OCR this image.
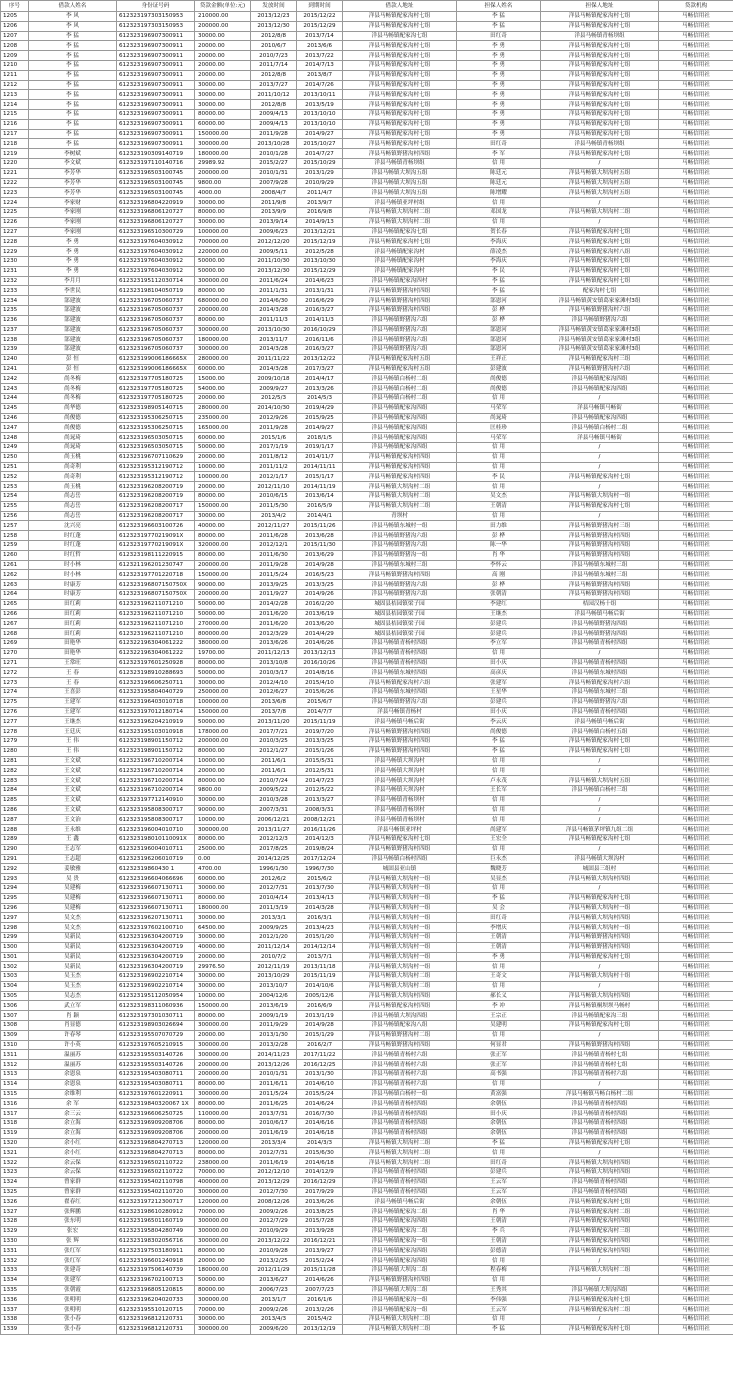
序号	借款人姓名	身份证号码	贷款金额(单位:元)	发放时间	到期时间	借款人地址	担保人姓名	担保人地址	贷款机构
1205	李 风	612323197303150953	210000.00	2013/12/23	2015/12/22	洋县马畅镇配家沟村七组	李 猛	洋县马畅镇配家沟村七组	马畅信用社
1206	李 风	612323197303150953	200000.00	2013/12/30	2015/12/29	洋县马畅镇配家沟村七组	李 猛	洋县马畅镇配家沟村七组	马畅信用社
1207	李 猛	612323196907300911	30000.00	2012/8/8	2013/7/14	洋县马畅镇配家沟七组	田红奇	洋县马畅镇青杨坝组	马畅信用社
1208	李 猛	612323196907300911	20000.00	2010/6/7	2013/6/6	洋县马畅镇配家沟村七组	李 勇	洋县马畅镇配家沟村七组	马畅信用社
1209	李 猛	612323196907300911	20000.00	2010/7/23	2013/7/22	洋县马畅镇配家沟村七组	李 勇	洋县马畅镇配家沟村七组	马畅信用社
1210	李 猛	612323196907300911	20000.00	2011/7/14	2014/7/13	洋县马畅镇配家沟村七组	李 勇	洋县马畅镇配家沟村七组	马畅信用社
1211	李 猛	612323196907300911	20000.00	2012/8/8	2013/8/7	洋县马畅镇配家沟村七组	李 勇	洋县马畅镇配家沟村七组	马畅信用社
1212	李 猛	612323196907300911	30000.00	2013/7/27	2014/7/26	洋县马畅镇配家沟村七组	李 勇	洋县马畅镇配家沟村七组	马畅信用社
1213	李 猛	612323196907300911	30000.00	2011/10/12	2013/10/11	洋县马畅镇配家沟村七组	李 勇	洋县马畅镇配家沟村七组	马畅信用社
1214	李 猛	612323196907300911	30000.00	2012/8/8	2013/5/19	洋县马畅镇配家沟村七组	李 勇	洋县马畅镇配家沟村七组	马畅信用社
1215	李 猛	612323196907300911	80000.00	2009/4/13	2013/10/10	洋县马畅镇配家沟村七组	李 勇	洋县马畅镇配家沟村七组	马畅信用社
1216	李 猛	612323196907300911	60000.00	2009/4/13	2013/10/10	洋县马畅镇配家沟村七组	李 勇	洋县马畅镇配家沟村七组	马畅信用社
1217	李 猛	612323196907300911	150000.00	2011/9/28	2014/9/27	洋县马畅镇配家沟村七组	李 勇	洋县马畅镇配家沟村七组	马畅信用社
1218	李 猛	612323196907300911	300000.00	2013/10/28	2015/10/27	洋县马畅镇配家沟村七组	田红奇	洋县马畅镇青杨坝组	马畅信用社
1219	李树斌	612323190309140719	180000.00	2010/1/28	2014/7/27	洋县马畅镇野猪沟村四组	李 军	洋县马畅镇配家沟村七组	马畅信用社
1220	李文斌	612323197110140716	29989.92	2015/2/27	2015/10/29	洋县马畅镇青杨坝组	信 用	/	马畅信用社
1221	李芳华	612323196503100745	200000.00	2010/1/31	2013/1/29	洋县马畅镇大坝沟五组	陈廷元	洋县马畅镇大坝沟村五组	马畅信用社
1222	李芳华	612323196503100745	9800.00	2007/9/28	2010/9/29	洋县马畅镇大坝沟五组	陈廷元	洋县马畅镇大坝沟村五组	马畅信用社
1223	李芳华	612323196503100745	4000.00	2008/4/7	2011/4/7	洋县马畅镇大坝沟五组	陈增耀	洋县马畅镇大坝沟村五组	马畅信用社
1224	李家财	612323196804220919	30000.00	2011/9/8	2013/9/7	洋县马畅镇亚坪村组	信 用	/	马畅信用社
1225	李家刚	612323196806120727	80000.00	2013/9/9	2016/9/8	洋县马畅镇大坝沟村二组	邓国龙	洋县马畅镇大坝沟村二组	马畅信用社
1226	李家刚	612323196806120727	30000.00	2013/9/14	2014/9/13	洋县马畅镇大坝沟村二组	信 用	/	马畅信用社
1227	李家刚	612323196510300729	100000.00	2009/6/23	2013/12/21	洋县马畅镇配家沟七组	贺长春	洋县马畅镇配家沟村七组	马畅信用社
1228	李 勇	612323197604030912	700000.00	2012/12/20	2015/12/19	洋县马畅镇配家沟村七组	李海庆	洋县马畅镇配家沟村七组	马畅信用社
1229	李 勇	612323197604030912	220000.00	2009/5/11	2012/5/28	洋县马畅镇配家沟村	薛凌杰	洋县马畅镇配家沟村八组	马畅信用社
1230	李 勇	612323197604030912	50000.00	2011/10/30	2013/10/30	洋县马畅镇配家沟村	李海庆	洋县马畅镇配家沟村七组	马畅信用社
1231	李 勇	612323197604030912	50000.00	2013/12/30	2015/12/29	洋县马畅镇配家沟村	李 民	洋县马畅镇配家沟村七组	马畅信用社
1232	李月月	612323195112030714	300000.00	2011/6/24	2014/6/23	洋县马畅镇配家沟四村	李 猛	洋县马畅镇配家沟村七组	马畅信用社
1233	李世民	612323198104050719	80000.00	2011/1/31	2013/1/31	洋县马畅镇野猪沟村四组	李 猛	配家沟村七组	马畅信用社
1234	郜建波	612323196705060737	680000.00	2014/6/30	2016/6/29	洋县马畅镇野猪沟村四组	郜恩河	洋县马畅镇黄安镇葛家家滩村3组	马畅信用社
1235	郜建波	612323196705060737	200000.00	2014/3/28	2016/3/27	洋县马畅镇野猪沟村四组	彭 桦	洋县马畅镇野猪沟村六组	马畅信用社
1236	郜建波	612323196705060737	80000.00	2011/11/3	2014/11/3	洋县马畅镇野猪沟六组	彭 桦	洋县马畅镇野猪沟六组	马畅信用社
1237	郜建波	612323196705060737	300000.00	2013/10/30	2016/10/29	洋县马畅镇野猪沟六组	郜恩河	洋县马畅镇黄安镇葛家家滩村3组	马畅信用社
1238	郜建波	612323196705060737	180000.00	2013/11/7	2016/11/6	洋县马畅镇野猪沟六组	郜恩河	洋县马畅镇黄安镇葛家家滩村3组	马畅信用社
1239	郜建波	612323196705060737	300000.00	2014/3/28	2016/3/27	洋县马畅镇野猪沟六组	郜恩河	洋县马畅镇黄安镇葛家家滩村3组	马畅信用社
1240	彭 恒	612323199006186665X	280000.00	2011/11/22	2013/12/22	洋县马畅镇配家沟村五组	王祥正	洋县马畅镇配家沟村三组	马畅信用社
1241	彭 恒	612323199006186665X	60000.00	2014/3/28	2017/3/27	洋县马畅镇配家沟村五组	彭建波	洋县马畅镇野猪沟村六组	马畅信用社
1242	尚冬梅	612323197705180725	15000.00	2009/10/18	2014/4/17	洋县马畅镇白杨村二组	尚俊德	洋县马畅镇配家沟四组	马畅信用社
1243	尚冬梅	612323197705180725	54000.00	2009/9/27	2013/3/26	洋县马畅镇白杨村二组	尚俊德	洋县马畅镇配家沟四组	马畅信用社
1244	尚冬梅	612323197705180725	20000.00	2012/5/3	2014/5/3	洋县马畅镇白杨村二组	信 用	/	马畅信用社
1245	尚华德	612323198905140715	280000.00	2014/10/30	2019/4/29	洋县马畅镇配家沟四组	马荣军	洋县马畅镇马畅街	马畅信用社
1246	尚俊德	612323195306250715	235000.00	2012/9/26	2015/9/25	洋县马畅镇配家沟四组	尚晁琦	洋县马畅镇配家沟四组	马畅信用社
1247	尚俊德	612323195306250715	165000.00	2011/9/28	2014/9/27	洋县马畅镇配家沟四组	匡桂珍	洋县马畅镇白杨村二组	马畅信用社
1248	尚晁琦	612323196503050715	60000.00	2015/1/6	2018/1/5	洋县马畅镇配家沟四组	马荣军	洋县马畅镇马畅街	马畅信用社
1249	尚晁琦	612323196503050715	50000.00	2017/1/19	2019/1/17	洋县马畅镇配家沟四组	信 用	/	马畅信用社
1250	尚玉桃	612323196707110629	20000.00	2011/8/12	2014/11/7	洋县马畅镇配家沟村四组	信 用	/	马畅信用社
1251	尚奇利	612323195312190712	10000.00	2011/11/2	2014/11/11	洋县马畅镇配家沟村四组	信 用	/	马畅信用社
1252	尚奇利	612323195312190712	100000.00	2012/1/17	2015/1/17	洋县马畅镇配家沟村四组	李 民	洋县马畅镇配家沟村七组	马畅信用社
1253	尚玉桃	612323196208200719	20000.00	2012/11/10	2014/11/19	洋县马畅镇大坝沟村二组	信 用	/	马畅信用社
1254	尚志岳	612323196208200719	80000.00	2010/6/15	2013/6/14	洋县马畅镇大坝沟村二组	吴文杰	洋县马畅镇大坝沟村一组	马畅信用社
1255	尚志岳	612323196208200717	150000.00	2011/5/30	2016/5/9	洋县马畅镇大坝沟村二组	王朝清	洋县马畅镇配家沟村七组	马畅信用社
1256	尚志岳	612323196208200717	30000.00	2013/4/2	2014/4/1	青坝村	信 用	/	马畅信用社
1257	沈兴亮	612323196603100726	40000.00	2012/11/27	2015/11/26	洋县马畅镇东城村一组	田力维	洋县马畅镇野猪沟村三组	马畅信用社
1258	时红蓬	61232319770219091X	80000.00	2011/6/28	2013/6/28	洋县马畅镇野猪沟六组	彭 桦	洋县马畅镇野猪沟村四组	马畅信用社
1259	时红蓬	61232319770219091X	320000.00	2012/12/1	2015/11/30	洋县马畅镇野猪沟六组	陈一华	洋县马畅镇野猪沟村四组	马畅信用社
1260	时红哲	612323198111220915	80000.00	2011/6/30	2013/6/29	洋县马畅镇野猪沟一组	肖 华	洋县马畅镇野猪沟村四组	马畅信用社
1261	时小林	612321196201230747	200000.00	2011/9/28	2014/9/28	洋县马畅镇东城村三组	李怀云	洋县马畅镇东城村三组	马畅信用社
1262	时小林	612323197701220718	150000.00	2011/5/24	2016/5/23	洋县马畅镇野猪沟村四组	高 刚	洋县马畅镇东城村三组	马畅信用社
1263	时康芳	612323196807150750X	90000.00	2013/9/25	2013/3/25	洋县马畅镇野猪沟六组	彭 桦	洋县马畅镇野猪沟村四组	马畅信用社
1264	时康芳	612323196807150750X	200000.00	2011/9/27	2014/9/26	洋县马畅镇野猪沟六组	张朝清	洋县马畅镇野猪沟村四组	马畅信用社
1265	田红莉	612323196211071210	50000.00	2014/2/28	2016/2/20	城固县桔园镇梁子园	李建红	桔园汉杨十组	马畅信用社
1266	田红莉	612323196211071210	50000.00	2011/6/20	2013/6/19	城固县桔园镇梁子园	王继杰	洋县马畅镇马畅后街	马畅信用社
1267	田红莉	612323196211071210	270000.00	2011/6/20	2013/6/20	城固县桔园镇梁子园	彭建兵	洋县马畅镇野猪沟四组	马畅信用社
1268	田红莉	612323196211071210	800000.00	2012/3/29	2014/4/29	城固县桔园镇梁子园	彭建兵	洋县马畅镇野猪沟四组	马畅信用社
1269	田艳华	612322196304061222	380000.00	2013/6/26	2014/6/26	洋县马畅镇青杨村四组	李立军	洋县马畅镇青杨村四组	马畅信用社
1270	田艳华	612322196304061222	19700.00	2011/12/13	2013/12/13	洋县马畅镇青杨村四组	信 用	/	马畅信用社
1271	王常旺	612323197601250928	80000.00	2013/10/8	2016/10/26	洋县马畅镇青杨村四组	田小庆	洋县马畅镇青杨村四组	马畅信用社
1272	王 春	612323198910288693	50000.00	2010/3/17	2014/8/16	洋县马畅镇东城村四组	高彦庆	洋县马畅镇东城村四组	马畅信用社
1273	王 春	612323196606250711	30000.00	2012/4/10	2015/4/10	洋县马畅镇配家沟村六组	张建军	洋县马畅镇配家沟村六组	马畅信用社
1274	王喜彭	612323195804040729	250000.00	2012/6/27	2015/6/26	洋县马畅镇东城村四组	王星华	洋县马畅镇东城村三组	马畅信用社
1275	王建军	612323196403010718	100000.00	2013/6/8	2015/6/7	洋县马畅镇野猪沟六组	彭建兵	洋县马畅镇野猪沟六组	马畅信用社
1276	王建军	612323197012180714	150000.00	2013/7/8	2014/7/7	洋县马畅镇青杨村	田小庆	洋县马畅镇青杨村四组	马畅信用社
1277	王继杰	612323196204210919	50000.00	2013/11/20	2015/11/19	洋县马畅镇马畅后街	李云庆	洋县马畅镇马畅后街	马畅信用社
1278	王廷庆	612323195103010918	178000.00	2017/7/21	2019/7/20	洋县马畅镇野猪沟村四组	尚俊德	洋县马畅镇白杨村五组	马畅信用社
1279	王 伟	612323198901150712	200000.00	2010/3/25	2013/3/25	洋县马畅镇野猪沟村四组	李 猛	洋县马畅镇配家沟村七组	马畅信用社
1280	王 伟	612323198901150712	80000.00	2012/1/27	2015/1/26	洋县马畅镇野猪沟村四组	李 猛	洋县马畅镇配家沟村七组	马畅信用社
1281	王文斌	612323196710200714	10000.00	2011/6/1	2015/5/31	洋县马畅镇大坝沟村	信 用	/	马畅信用社
1282	王文斌	612323196710200714	20000.00	2011/6/1	2012/5/31	洋县马畅镇大坝沟村	信 用	/	马畅信用社
1283	王文斌	612323196710200714	80000.00	2010/7/24	2014/7/23	洋县马畅镇大坝沟村	卢永茂	洋县马畅镇大坝沟村五组	马畅信用社
1284	王文斌	612323196710200714	9800.00	2009/5/22	2012/5/22	洋县马畅镇天坝沟村	王长军	洋县马畅镇白杨村三组	马畅信用社
1285	王文斌	612323197712140910	30000.00	2010/3/28	2013/3/27	洋县马畅镇青杨坝村	信 用	/	马畅信用社
1286	王文斌	612323195808300717	90000.00	2007/3/31	2008/3/31	洋县马畅镇青杨坝村	信 用	/	马畅信用社
1287	王文治	612323195808300717	10000.00	2006/12/21	2008/12/21	洋县马畅镇青杨坝村	信 用	/	马畅信用社
1288	王永维	612323196004010710	300000.00	2013/11/27	2016/11/26	洋县马畅镇亚坪村	尚建军	洋县马畅镇茅坪镇九组二组	马畅信用社
1289	王 鑫	612323198010110091X	80000.00	2012/12/3	2014/12/3	洋县马畅镇配家沟村七组	王宏全	洋县马畅镇配家沟村七组	马畅信用社
1290	王志军	612323196004010711	25000.00	2017/8/25	2019/8/24	洋县马畅镇野猪沟村四组	信 用	/	马畅信用社
1291	王志超	612323196206010719	0.00	2014/12/25	2017/12/24	洋县马畅镇白杨村四组	巨永杰	洋县马畅镇大坝沟村	马畅信用社
1292	姜敏雅	61232319860430 1	4700.00	1996/1/30	1996/7/30	城固县亚山镇	魏晓芳	城固县三组村	马畅信用社
1293	吴 贵	612323196604066696	60000.00	2012/6/2	2015/6/2	洋县马畅镇大坝沟村一组	吴显杰	洋县马畅镇大坝沟村四组	马畅信用社
1294	吴建梅	612323196607130711	30000.00	2012/7/31	2013/7/30	洋县马畅镇大坝沟村一组	信 用	/	马畅信用社
1295	吴建梅	612323196607130711	80000.00	2010/4/14	2013/4/13	洋县马畅镇大坝沟村一组	李 猛	洋县马畅镇配家沟村七组	马畅信用社
1296	吴建梅	612323196607130711	180000.00	2011/3/19	2014/3/28	洋县马畅镇大坝沟村一组	吴 会	洋县马畅镇大坝沟村一组	马畅信用社
1297	吴文杰	612323196207130711	30000.00	2013/3/1	2016/3/1	洋县马畅镇大坝沟村一组	田红奇	洋县马畅镇大坝沟村四组	马畅信用社
1298	吴文杰	612323197602100710	64500.00	2009/9/25	2013/4/23	洋县马畅镇大坝沟村一组	李增庆	洋县马畅镇大坝沟村一组	马畅信用社
1299	吴新民	612323196304200719	30000.00	2012/1/20	2015/1/20	洋县马畅镇大坝沟村一组	王朝清	洋县马畅镇野猪沟村四组	马畅信用社
1300	吴新民	612323196304200719	40000.00	2011/12/14	2014/12/14	洋县马畅镇大坝沟村一组	王朝清	洋县马畅镇野猪沟村四组	马畅信用社
1301	吴新民	612323196304200719	20000.00	2010/7/2	2013/7/1	洋县马畅镇大坝沟村一组	李 勇	洋县马畅镇配家沟村七组	马畅信用社
1302	吴新民	612323196304200719	29976.50	2012/11/19	2013/11/18	洋县马畅镇大坝沟村一组	信 用	/	马畅信用社
1303	吴玉杰	612323196902210714	30000.00	2013/10/29	2015/11/19	洋县马畅镇大坝沟村二组	王奇文	洋县马畅镇大坝沟村十组	马畅信用社
1304	吴玉杰	612323196902210714	30000.00	2013/10/7	2014/10/6	洋县马畅镇大坝沟村二组	信 用	/	马畅信用社
1305	吴志杰	612323195112050954	10000.00	2004/12/6	2005/12/6	洋县马畅镇大坝沟村四组	郝长义	洋县马畅镇大坝沟村四组	马畅信用社
1306	武立军	612323198311060936	150000.00	2013/6/19	2016/6/9	洋县马畅镇配家沟村四组	李 冲	洋县马畅镇桐坝坝马畅村	马畅信用社
1307	肖 颖	612323197301030711	80000.00	2009/1/19	2013/1/19	洋县马畅镇大坝沟四组	王宗正	洋县马畅镇配家沟三组	马畅信用社
1308	肖显德	612323198903026694	300000.00	2011/9/29	2014/9/28	洋县马畅镇配家沟八组	吴建明	洋县马畅镇配家沟村七组	马畅信用社
1309	许春琴	612323195507070729	20000.00	2013/1/30	2015/1/29	洋县马畅镇野猪沟村二组	信 用	/	马畅信用社
1310	许小英	612323197605210915	300000.00	2013/2/28	2016/2/7	洋县马畅镇野猪沟村四组	何显君	洋县马畅镇野猪沟村四组	马畅信用社
1311	温丽苏	612323195503140726	300000.00	2014/11/23	2017/11/22	洋县马畅镇青杨村六组	张正军	洋县马畅镇青杨村七组	马畅信用社
1312	温丽苏	612323195503140726	200000.00	2013/12/26	2016/12/25	洋县马畅镇青杨村六组	张正军	洋县马畅镇青杨村七组	马畅信用社
1313	余恩泉	612323195403080711	200000.00	2010/1/31	2013/1/30	洋县马畅镇青杨村六组	高书强	洋县马畅镇青杨村六组	马畅信用社
1314	余恩泉	612323195403080711	80000.00	2011/6/11	2014/6/10	洋县马畅镇青杨村六组	信 用	/	马畅信用社
1315	余维利	612323197601220911	300000.00	2011/5/24	2015/5/24	洋县马畅镇白杨村一组	黄富强	洋县马畅镇马畅白杨村二组	马畅信用社
1316	余 军	61232319840320067 1X	80000.00	2011/6/25	2014/6/24	洋县马畅镇青杨村四组	余朝伍	洋县马畅镇青杨村四组	马畅信用社
1317	余三云	612323196606250725	110000.00	2013/7/31	2016/7/30	洋县马畅镇青杨村四组	田小庆	洋县马畅镇青杨村四组	马畅信用社
1318	余立海	612323196909208706	80000.00	2010/6/17	2014/6/16	洋县马畅镇青杨村四组	余朝伍	洋县马畅镇青杨村四组	马畅信用社
1319	余立海	612323196909208706	200000.00	2011/6/19	2014/6/18	洋县马畅镇青杨村四组	余朝伍	洋县马畅镇青杨村四组	马畅信用社
1320	余小红	612323196804270713	120000.00	2013/3/4	2014/3/3	洋县马畅镇大坝沟村二组	李 猛	洋县马畅镇配家沟村七组	马畅信用社
1321	余小红	612323196804270713	80000.00	2012/7/31	2015/6/30	洋县马畅镇大坝沟村二组	信 用	/	马畅信用社
1322	余云保	612323196502110722	238000.00	2011/6/19	2014/6/18	洋县马畅镇大坝沟村二组	田红奇	洋县马畅镇大坝沟村四组	马畅信用社
1323	余云保	612323196502110722	70000.00	2012/12/10	2014/12/9	洋县马畅镇青杨村四组	彭建兵	洋县马畅镇大坝沟村四组	马畅信用社
1324	曾家群	612323195402110798	400000.00	2013/12/29	2016/12/29	洋县马畅镇青杨村四组	王云军	洋县马畅镇青杨村四组	马畅信用社
1325	曾家群	612323195402110720	300000.00	2012/7/30	2017/9/29	洋县马畅镇青杨村四组	王云军	洋县马畅镇青杨村四组	马畅信用社
1326	翟春红	612323197212300717	120000.00	2008/12/26	2013/6/26	洋县马畅镇马畅后街	余朝伍	洋县马畅镇配家沟村七组	马畅信用社
1327	张辉鹏	612323198610280912	70000.00	2009/2/26	2013/8/25	洋县马畅镇配家沟二组	肖 华	洋县马畅镇配家沟村二组	马畅信用社
1328	张东明	612323196501160719	300000.00	2012/7/29	2015/7/28	洋县马畅镇配家沟四组	王朝清	洋县马畅镇配家沟村四组	马畅信用社
1329	张宏	612323195804280749	300000.00	2010/9/29	2013/9/28	洋县马畅镇配家沟二组	李 兵	洋县马畅镇配家沟村三组	马畅信用社
1330	张 辉	612323198302056716	300000.00	2013/12/22	2016/12/21	洋县马畅镇配家沟一组	王朝清	洋县马畅镇配家沟村四组	马畅信用社
1331	张红军	612323197503180911	80000.00	2010/9/28	2013/9/27	洋县马畅镇配家沟四组	彭德清	洋县马畅镇配家沟村四组	马畅信用社
1332	张红军	612323196601240918	20000.00	2013/2/25	2015/2/24	洋县马畅镇配家沟四组	信 用	/	马畅信用社
1333	张建奇	612323197506140739	180000.00	2012/11/29	2015/11/28	洋县马畅镇大坝沟二组	程春梅	洋县马畅镇大坝沟村二组	马畅信用社
1334	张建军	612323196702100713	50000.00	2013/6/27	2014/6/26	洋县马畅镇野猪沟村四组	信 用	/	马畅信用社
1335	张朝霞	612323196805120815	80000.00	2006/7/23	2007/7/23	洋县马畅镇大坝沟二组	王秀其	洋县马畅镇大坝沟四组	马畅信用社
1336	张明明	612323196204020733	300000.00	2013/1/7	2016/1/6	洋县马畅镇配家沟一组	李伟强	洋县马畅镇配家沟村七组	马畅信用社
1337	张明明	612323195510120715	70000.00	2009/2/26	2013/2/26	洋县马畅镇配家沟一组	王云军	洋县马畅镇配家沟村二组	马畅信用社
1338	张小春	612323196812120731	30000.00	2013/4/3	2015/4/2	洋县马畅镇大坝沟村二组	信 用	/	马畅信用社
1339	张小春	612323196812120731	300000.00	2009/6/20	2013/12/19	洋县马畅镇大坝沟村二组	李 猛	洋县马畅镇配家沟村七组	马畅信用社
